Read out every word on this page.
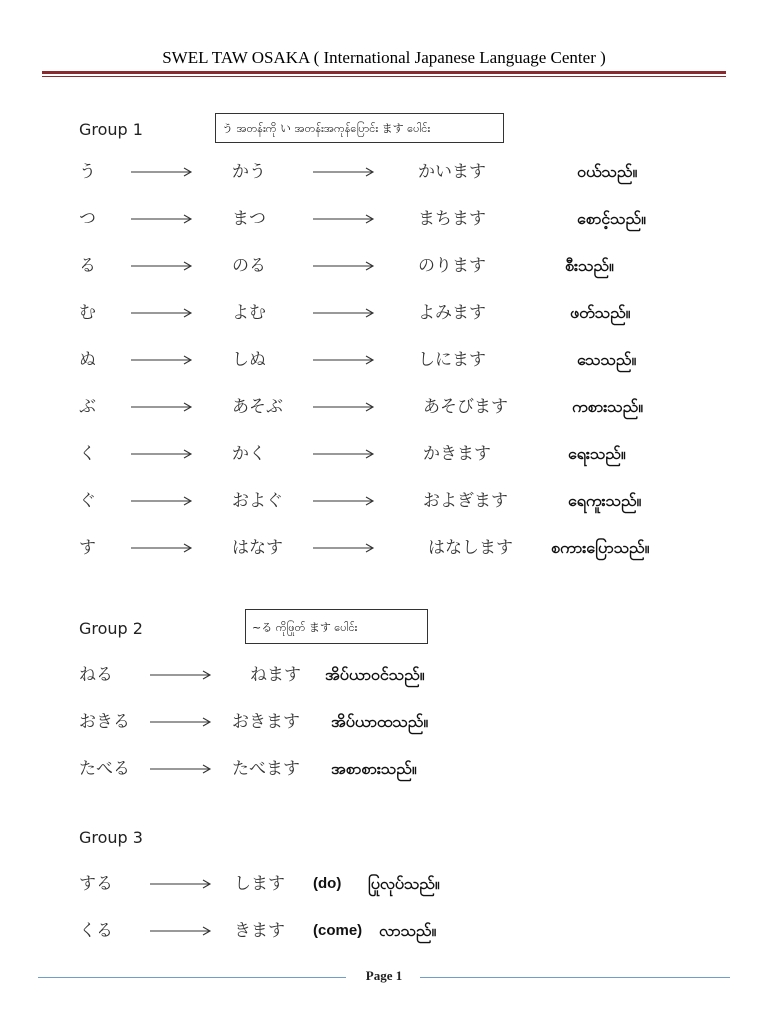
SWEL TAW OSAKA ( International Japanese Language Center )
Group 1	う အတန်းကို い အတန်းအကုန်ပြောင်း ます ပေါင်း
う	かう	かいます	ဝယ်သည်။
つ	まつ	まちます	စောင့်သည်။
る	のる	のります	စီးသည်။
む	よむ	よみます	ဖတ်သည်။
ぬ	しぬ	しにます	သေသည်။
ぶ	あそぶ	あそびます	ကစားသည်။
く	かく	かきます	ရေးသည်။
ぐ	およぐ	およぎます	ရေကူးသည်။
す	はなす	はなします စကားပြောသည်။
Group 2	~る ကိုဖြုတ် ます ပေါင်း
ねる	ねます အိပ်ယာဝင်သည်။
おきる	おきます အိပ်ယာထသည်။
たべる	たべます အစာစားသည်။
Group 3
する	します (do) ပြုလုပ်သည်။
くる	きます (come) လာသည်။
Page 1
